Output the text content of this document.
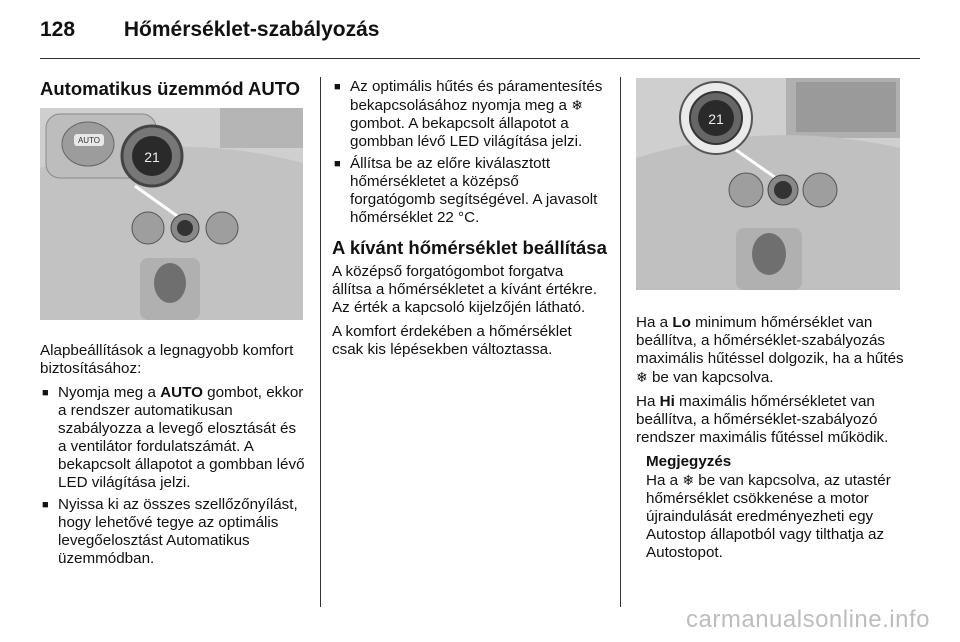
128 Hőmérséklet-szabályozás
Automatikus üzemmód AUTO
AUTO
21

Alapbeállítások a legnagyobb komfort biztosításához:

■ Nyomja meg a AUTO gombot, ekkor a rendszer automatikusan szabályozza a levegő elosztását és a ventilátor fordulatszámát. A bekapcsolt állapotot a gombban lévő LED világítása jelzi.
■ Nyissa ki az összes szellőzőnyílást, hogy lehetővé tegye az optimális levegőelosztást Automatikus üzemmódban.
■ Az optimális hűtés és páramentesítés bekapcsolásához nyomja meg a ❄ gombot. A bekapcsolt állapotot a gombban lévő LED világítása jelzi.
■ Állítsa be az előre kiválasztott hőmérsékletet a középső forgatógomb segítségével. A javasolt hőmérséklet 22 °C.
A kívánt hőmérséklet beállítása

A középső forgatógombot forgatva állítsa a hőmérsékletet a kívánt értékre. Az érték a kapcsoló kijelzőjén látható.

A komfort érdekében a hőmérséklet csak kis lépésekben változtassa.

21

Ha a Lo minimum hőmérséklet van beállítva, a hőmérséklet-szabályozás maximális hűtéssel dolgozik, ha a hűtés ❄ be van kapcsolva.

Ha Hi maximális hőmérsékletet van beállítva, a hőmérséklet-szabályozó rendszer maximális fűtéssel működik.

Megjegyzés
Ha a ❄ be van kapcsolva, az utastér hőmérséklet csökkenése a motor újraindulását eredményezheti egy Autostop állapotból vagy tilthatja az Autostopot.
carmanualsonline.info
